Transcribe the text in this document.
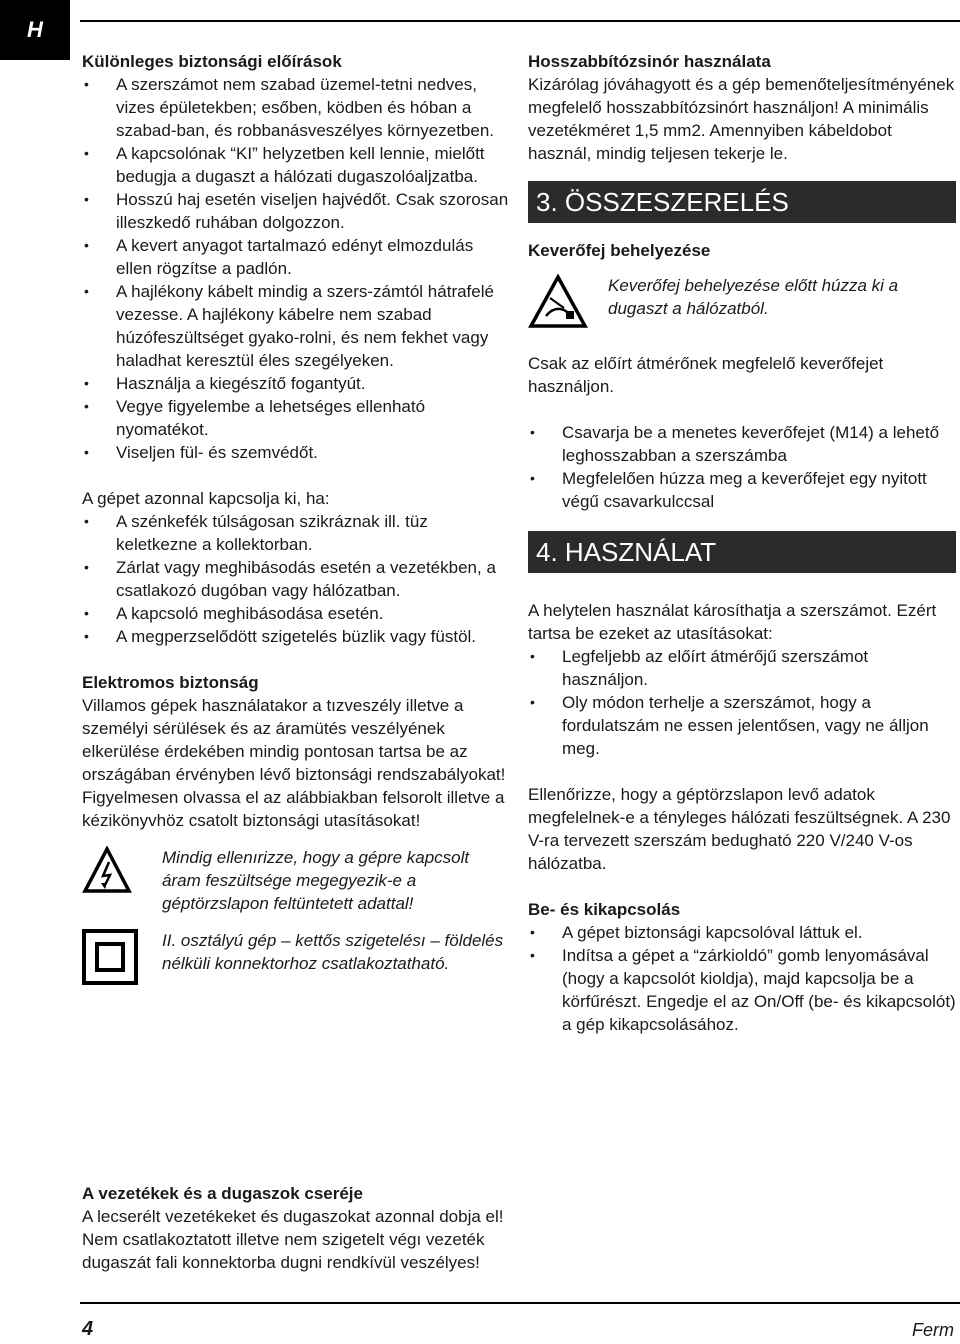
H
Különleges biztonsági előírások
• A szerszámot nem szabad üzemel-tetni nedves, vizes épületekben; esőben, ködben és hóban a szabad-ban, és robbanásveszélyes környezetben.
• A kapcsolónak “KI” helyzetben kell lennie, mielőtt bedugja a dugaszt a hálózati dugaszolóaljzatba.
• Hosszú haj esetén viseljen hajvédőt. Csak szorosan illeszkedő ruhában dolgozzon.
• A kevert anyagot tartalmazó edényt elmozdulás ellen rögzítse a padlón.
• A hajlékony kábelt mindig a szers-zámtól hátrafelé vezesse. A hajlékony kábelre nem szabad húzófeszültséget gyako-rolni, és nem fekhet vagy haladhat keresztül éles szegélyeken.
• Használja a kiegészítő fogantyút.
• Vegye figyelembe a lehetséges ellenható nyomatékot.
• Viseljen fül- és szemvédőt.

A gépet azonnal kapcsolja ki, ha:

• A szénkefék túlságosan szikráznak ill. tüz keletkezne a kollektorban.
• Zárlat vagy meghibásodás esetén a vezetékben, a csatlakozó dugóban vagy hálózatban.
• A kapcsoló meghibásodása esetén.
• A megperzselődött szigetelés büzlik vagy füstöl.
Elektromos biztonság

Villamos gépek használatakor a tızveszély illetve a személyi sérülések és az áramütés veszélyének elkerülése érdekében mindig pontosan tartsa be az országában érvényben lévő biztonsági rendszabályokat! Figyelmesen olvassa el az alábbiakban felsorolt illetve a kézikönyvhöz csatolt biztonsági utasításokat!

Mindig ellenırizze, hogy a gépre kapcsolt áram feszültsége megegyezik-e a géptörzslapon feltüntetett adattal!

II. osztályú gép – kettős szigetelésı – földelés nélküli konnektorhoz csatlakoztatható.

A vezetékek és a dugaszok cseréje

A lecserélt vezetékeket és dugaszokat azonnal dobja el! Nem csatlakoztatott illetve nem szigetelt végı vezeték dugaszát fali konnektorba dugni rendkívül veszélyes!

Hosszabbítózsinór használata

Kizárólag jóváhagyott és a gép bemenőteljesítményének megfelelő hosszabbítózsinórt használjon! A minimális vezetékméret 1,5 mm2. Amennyiben kábeldobot használ, mindig teljesen tekerje le.

3. ÖSSZESZERELÉS
Keverőfej behelyezése

Keverőfej behelyezése előtt húzza ki a dugaszt a hálózatból.

Csak az előírt átmérőnek megfelelő keverőfejet használjon.

• Csavarja be a menetes keverőfejet (M14) a lehető leghosszabban a szerszámba
• Megfelelően húzza meg a keverőfejet egy nyitott végű csavarkulccsal
4. HASZNÁLAT

A helytelen használat károsíthatja a szerszámot. Ezért tartsa be ezeket az utasításokat:

• Legfeljebb az előírt átmérőjű szerszámot használjon.
• Oly módon terhelje a szerszámot, hogy a fordulatszám ne essen jelentősen, vagy ne álljon meg.

Ellenőrizze, hogy a géptörzslapon levő adatok megfelelnek-e a tényleges hálózati feszültségnek. A 230 V-ra tervezett szerszám bedugható 220 V/240 V-os hálózatba.

Be- és kikapcsolás
• A gépet biztonsági kapcsolóval láttuk el.
• Indítsa a gépet a “zárkioldó” gomb lenyomásával (hogy a kapcsolót kioldja), majd kapcsolja be a körfűrészt. Engedje el az On/Off (be- és kikapcsolót) a gép kikapcsolásához.
4	Ferm
